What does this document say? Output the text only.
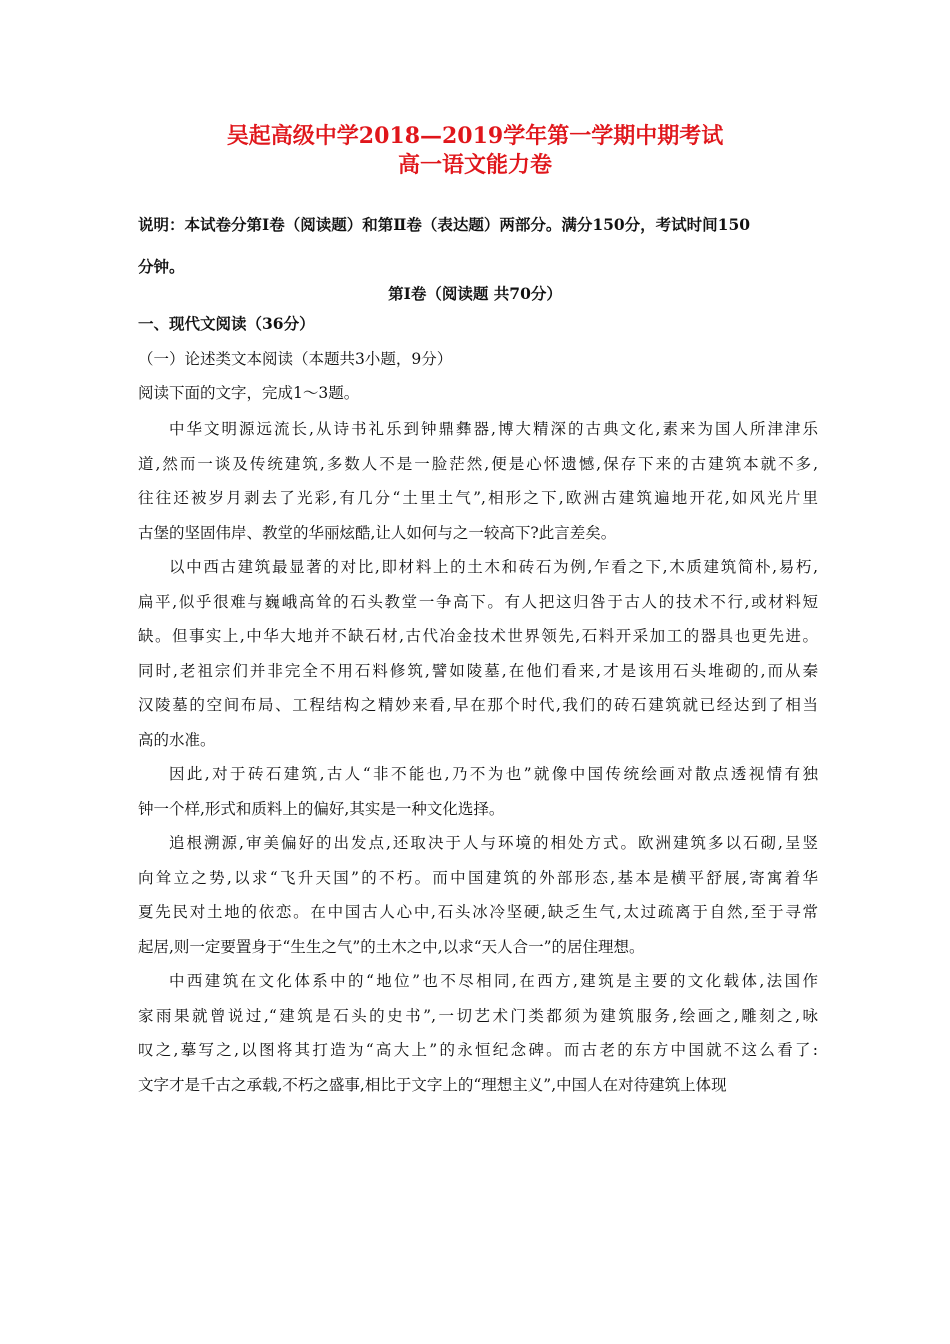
吴起高级中学2018—2019学年第一学期中期考试
高一语文能力卷
说明：本试卷分第Ⅰ卷（阅读题）和第Ⅱ卷（表达题）两部分。满分150分，考试时间150
分钟。
第Ⅰ卷（阅读题 共70分）
一、现代文阅读（36分）
（一）论述类文本阅读（本题共3小题，9分）
阅读下面的文字，完成1～3题。

中华文明源远流长,从诗书礼乐到钟鼎彝器,博大精深的古典文化,素来为国人所津津乐
道,然而一谈及传统建筑,多数人不是一脸茫然,便是心怀遗憾,保存下来的古建筑本就不多,
往往还被岁月剥去了光彩,有几分“土里土气”,相形之下,欧洲古建筑遍地开花,如风光片里
古堡的坚固伟岸、教堂的华丽炫酷,让人如何与之一较高下?此言差矣。

以中西古建筑最显著的对比,即材料上的土木和砖石为例,乍看之下,木质建筑简朴,易朽,
扁平,似乎很难与巍峨高耸的石头教堂一争高下。有人把这归咎于古人的技术不行,或材料短
缺。但事实上,中华大地并不缺石材,古代冶金技术世界领先,石料开采加工的器具也更先进。
同时,老祖宗们并非完全不用石料修筑,譬如陵墓,在他们看来,才是该用石头堆砌的,而从秦
汉陵墓的空间布局、工程结构之精妙来看,早在那个时代,我们的砖石建筑就已经达到了相当
高的水准。

因此,对于砖石建筑,古人“非不能也,乃不为也”就像中国传统绘画对散点透视情有独
钟一个样,形式和质料上的偏好,其实是一种文化选择。

追根溯源,审美偏好的出发点,还取决于人与环境的相处方式。欧洲建筑多以石砌,呈竖
向耸立之势,以求“飞升天国”的不朽。而中国建筑的外部形态,基本是横平舒展,寄寓着华
夏先民对土地的依恋。在中国古人心中,石头冰冷坚硬,缺乏生气,太过疏离于自然,至于寻常
起居,则一定要置身于“生生之气”的土木之中,以求“天人合一”的居住理想。

中西建筑在文化体系中的“地位”也不尽相同,在西方,建筑是主要的文化载体,法国作
家雨果就曾说过,“建筑是石头的史书”,一切艺术门类都须为建筑服务,绘画之,雕刻之,咏
叹之,摹写之,以图将其打造为“高大上”的永恒纪念碑。而古老的东方中国就不这么看了:
文字才是千古之承载,不朽之盛事,相比于文字上的“理想主义”,中国人在对待建筑上体现
